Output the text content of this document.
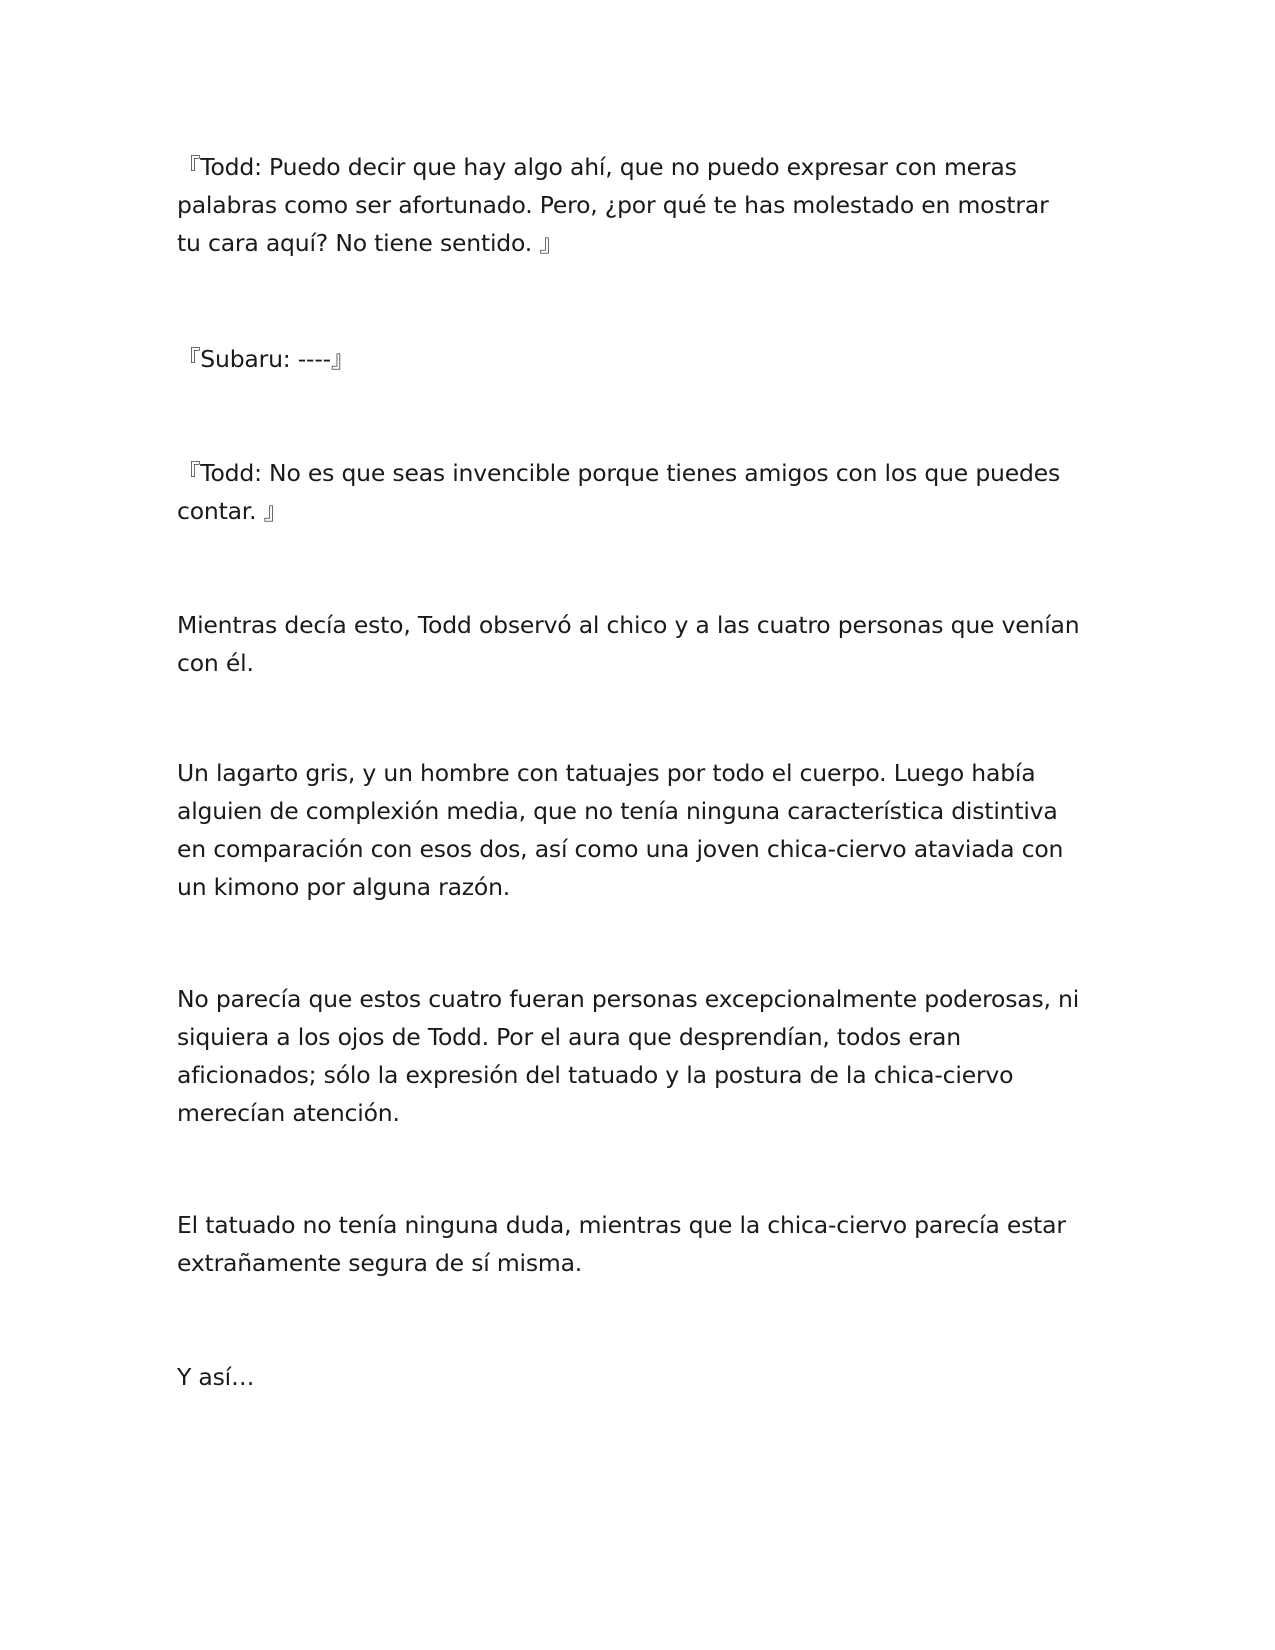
『Todd: Puedo decir que hay algo ahí, que no puedo expresar con meras
palabras como ser afortunado. Pero, ¿por qué te has molestado en mostrar
tu cara aquí? No tiene sentido. 』

『Subaru: ----』

『Todd: No es que seas invencible porque tienes amigos con los que puedes
contar. 』

Mientras decía esto, Todd observó al chico y a las cuatro personas que venían
con él.

Un lagarto gris, y un hombre con tatuajes por todo el cuerpo. Luego había
alguien de complexión media, que no tenía ninguna característica distintiva
en comparación con esos dos, así como una joven chica-ciervo ataviada con
un kimono por alguna razón.

No parecía que estos cuatro fueran personas excepcionalmente poderosas, ni
siquiera a los ojos de Todd. Por el aura que desprendían, todos eran
aficionados; sólo la expresión del tatuado y la postura de la chica-ciervo
merecían atención.

El tatuado no tenía ninguna duda, mientras que la chica-ciervo parecía estar
extrañamente segura de sí misma.

Y así…
